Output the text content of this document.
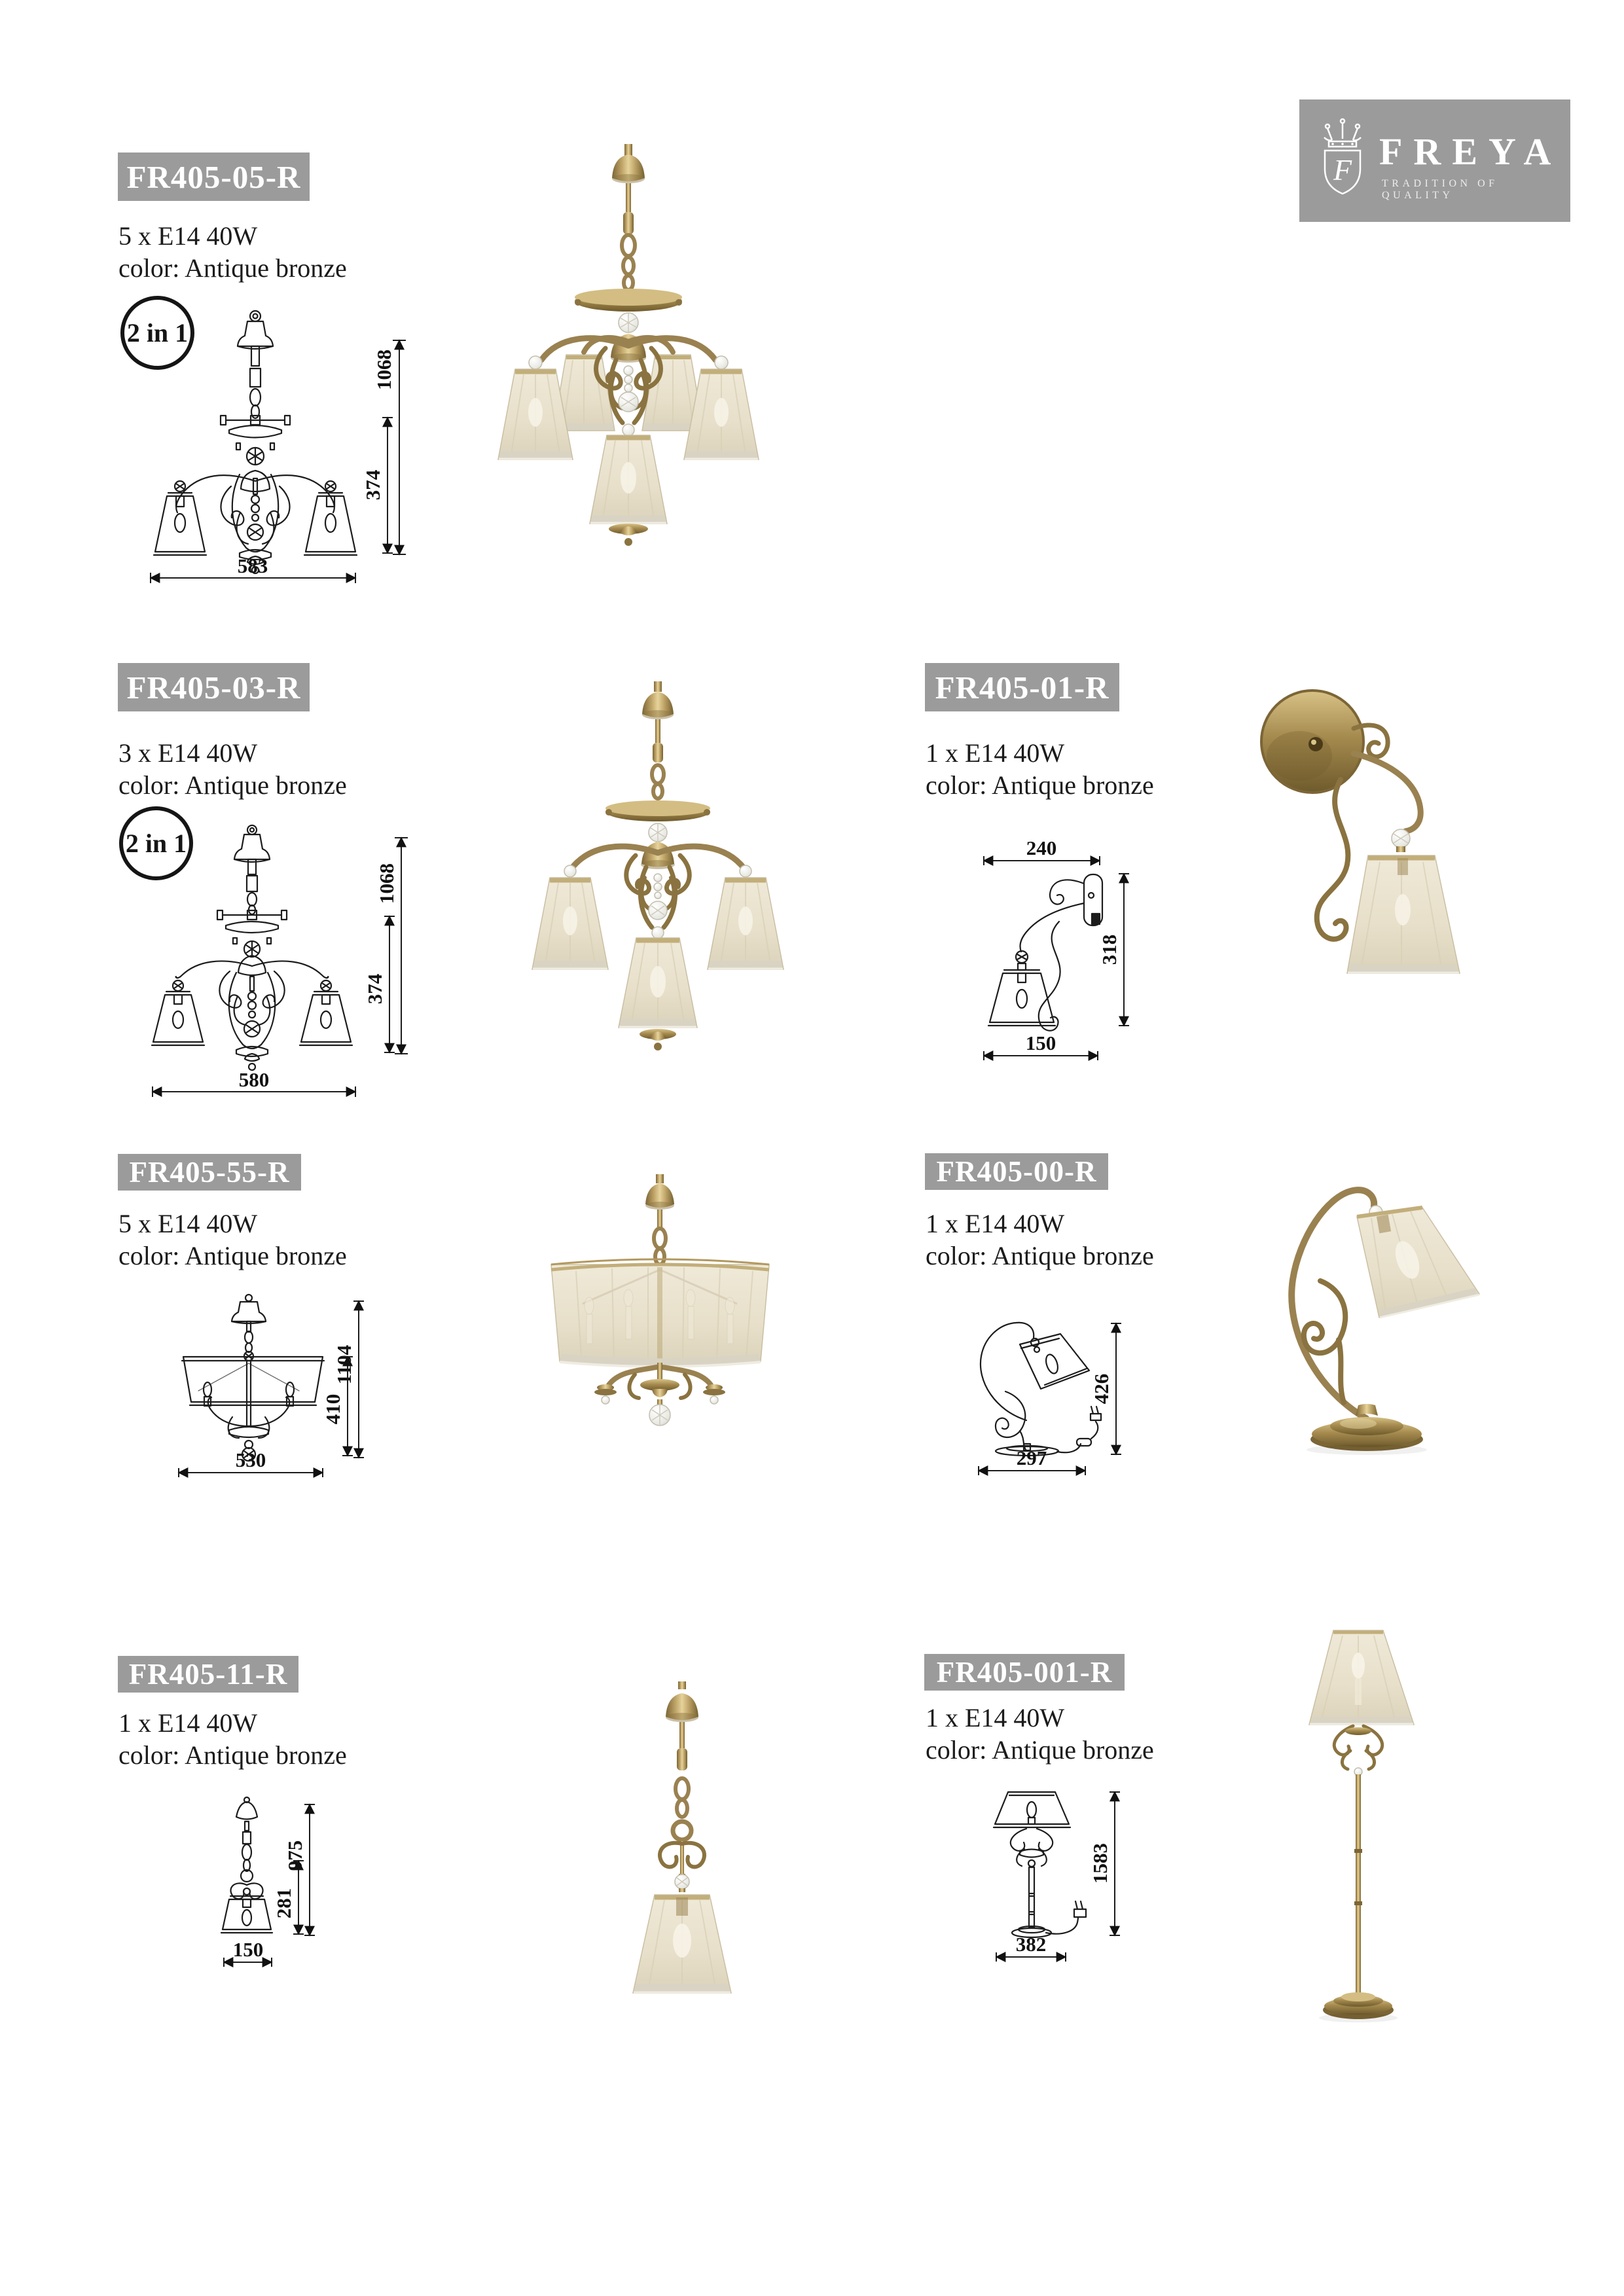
F FREYA
TRADITION OF QUALITY
FR405-05-R
5 x E14 40W
color: Antique bronze
2 in 1
583
1068
374
FR405-03-R
3 x E14 40W
color: Antique bronze
2 in 1
580
1068
374
FR405-01-R
1 x E14 40W
color: Antique bronze
240
318
150
FR405-55-R
5 x E14 40W
color: Antique bronze
1104
410
530
FR405-00-R
1 x E14 40W
color: Antique bronze
426
297
FR405-11-R
1 x E14 40W
color: Antique bronze
975
281
150
FR405-001-R
1 x E14 40W
color: Antique bronze
1583
382
